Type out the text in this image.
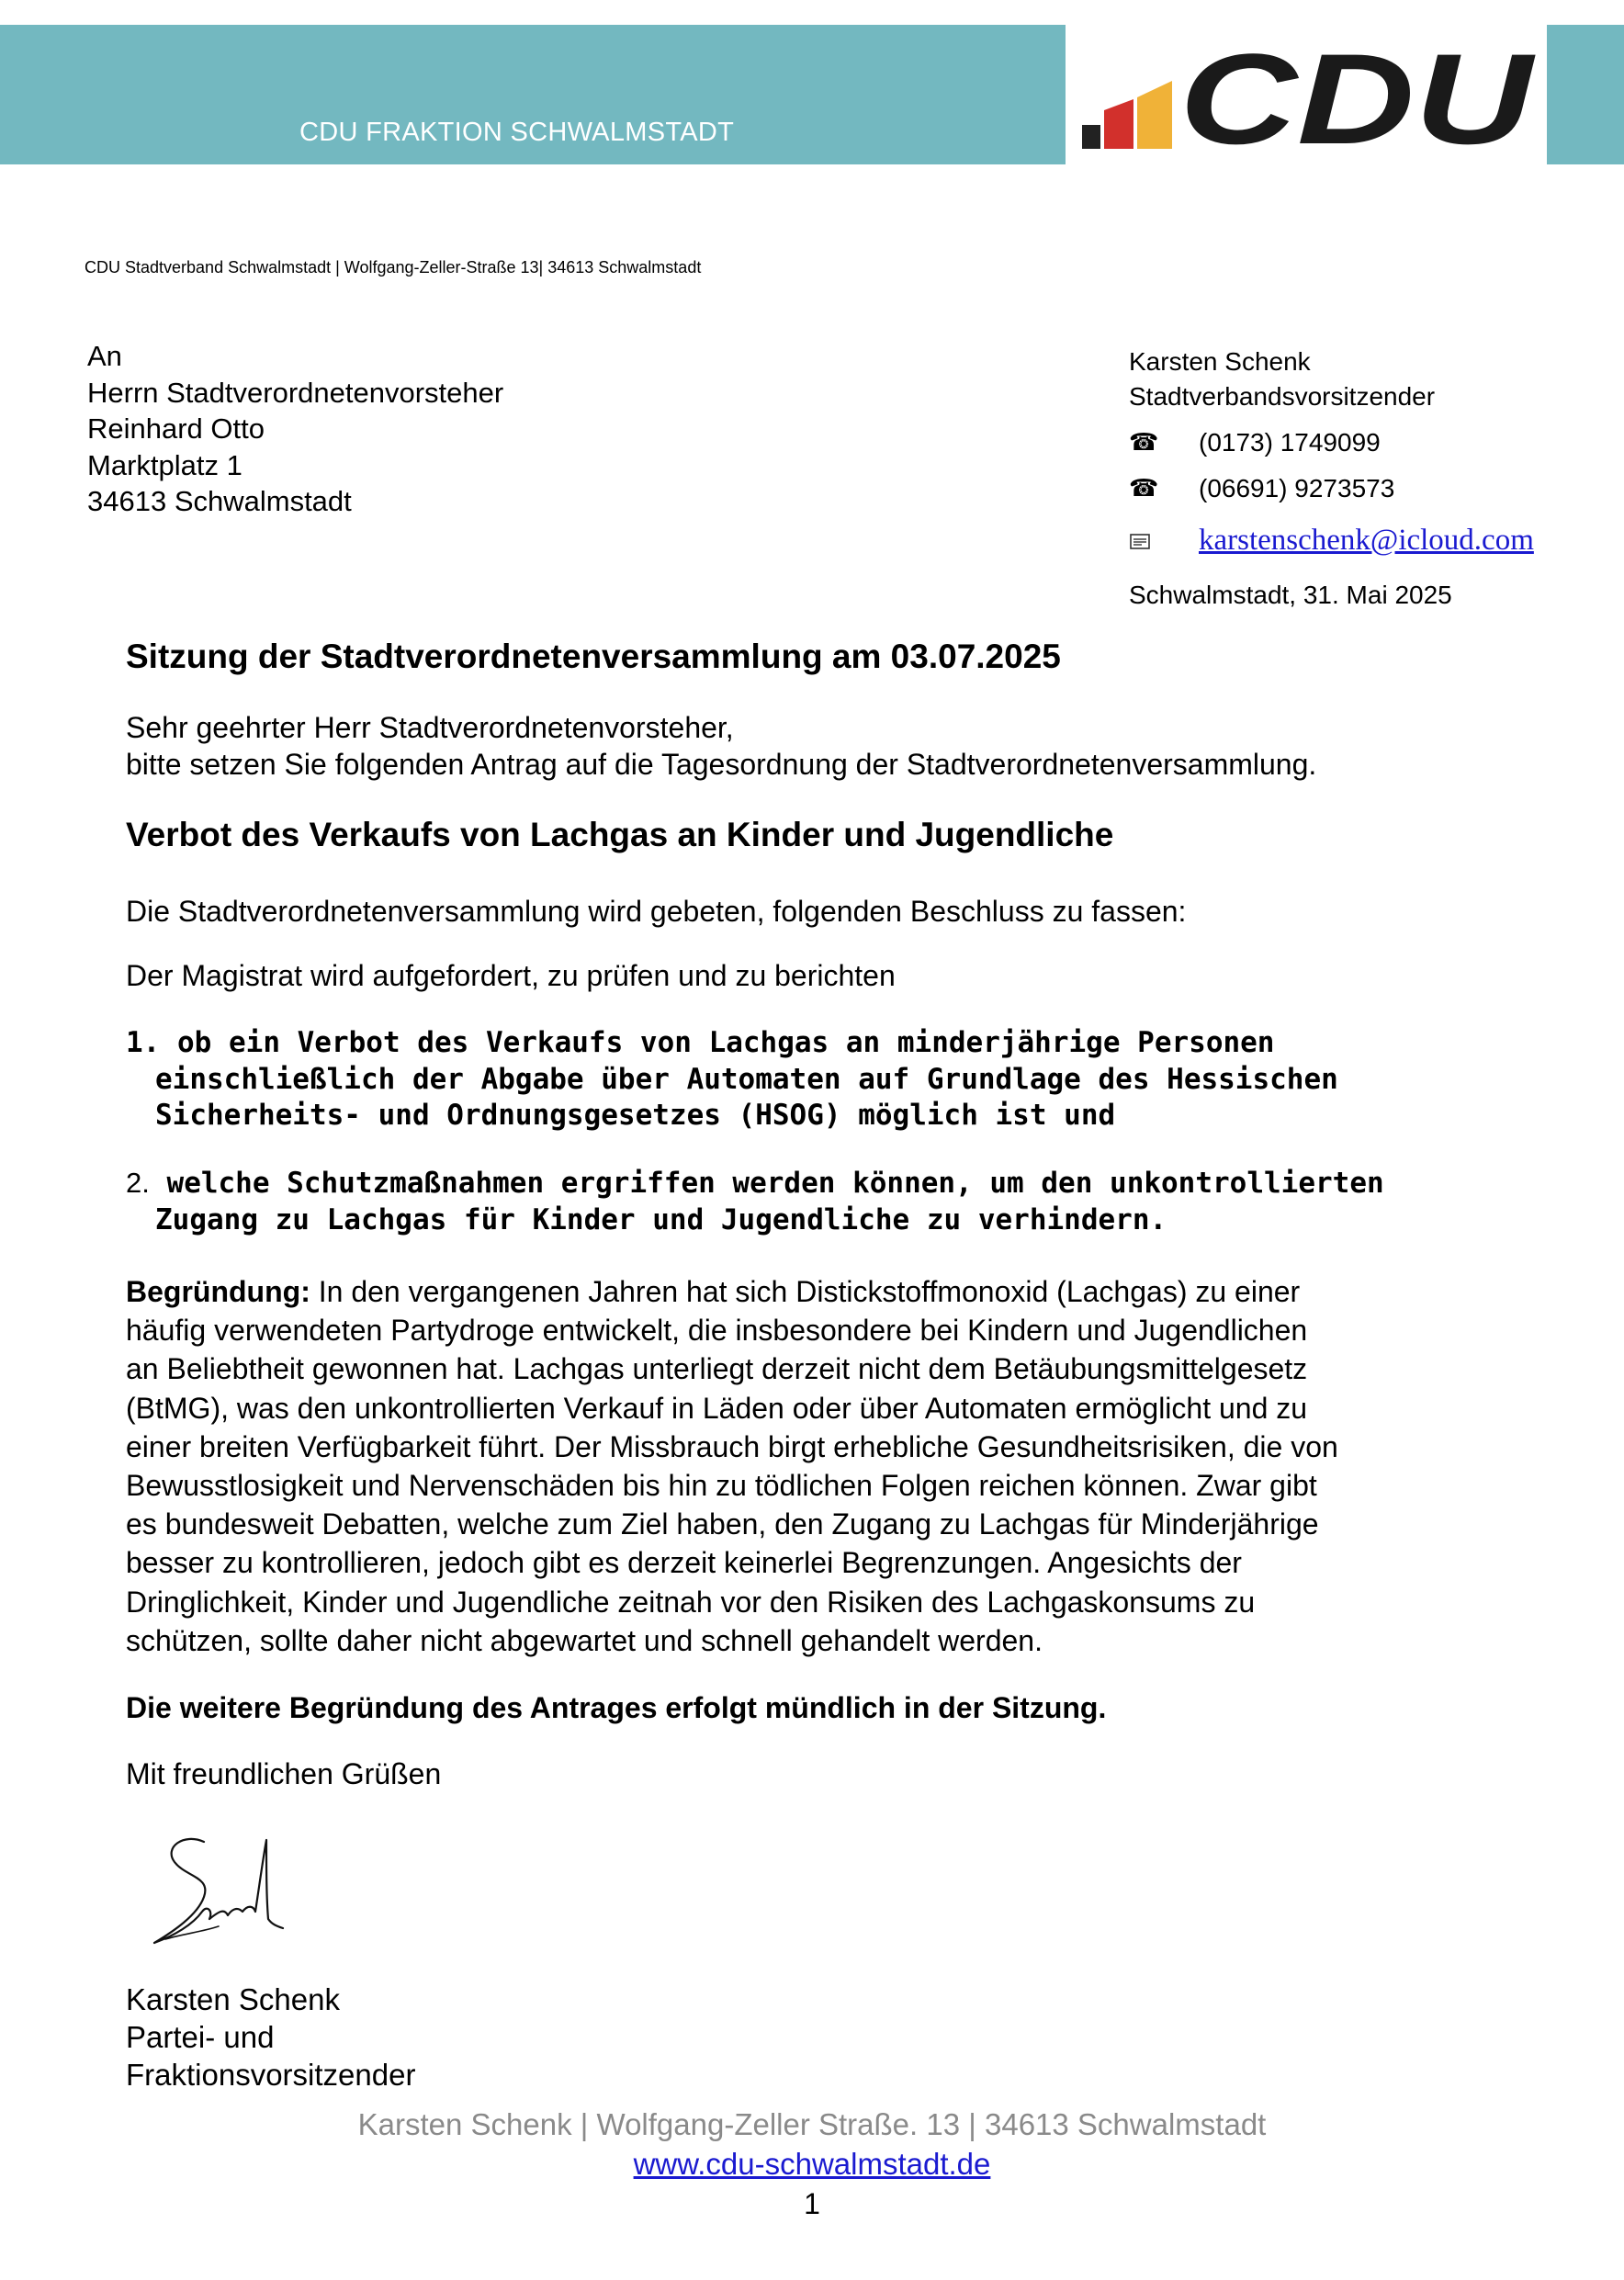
CDU FRAKTION SCHWALMSTADT	CDU
CDU Stadtverband Schwalmstadt | Wolfgang-Zeller-Straße 13| 34613 Schwalmstadt
An
Herrn Stadtverordnetenvorsteher
Reinhard Otto
Marktplatz 1
34613 Schwalmstadt
Karsten Schenk
Stadtverbandsvorsitzender
☎ (0173) 1749099
☎ (06691) 9273573
karstenschenk@icloud.com
Schwalmstadt, 31. Mai 2025
Sitzung der Stadtverordnetenversammlung am 03.07.2025
Sehr geehrter Herr Stadtverordnetenvorsteher,
bitte setzen Sie folgenden Antrag auf die Tagesordnung der Stadtverordnetenversammlung.
Verbot des Verkaufs von Lachgas an Kinder und Jugendliche
Die Stadtverordnetenversammlung wird gebeten, folgenden Beschluss zu fassen:
Der Magistrat wird aufgefordert, zu prüfen und zu berichten
1. ob ein Verbot des Verkaufs von Lachgas an minderjährige Personen
einschließlich der Abgabe über Automaten auf Grundlage des Hessischen
Sicherheits- und Ordnungsgesetzes (HSOG) möglich ist und
2. welche Schutzmaßnahmen ergriffen werden können, um den unkontrollierten
Zugang zu Lachgas für Kinder und Jugendliche zu verhindern.
Begründung: In den vergangenen Jahren hat sich Distickstoffmonoxid (Lachgas) zu einer
häufig verwendeten Partydroge entwickelt, die insbesondere bei Kindern und Jugendlichen
an Beliebtheit gewonnen hat. Lachgas unterliegt derzeit nicht dem Betäubungsmittelgesetz
(BtMG), was den unkontrollierten Verkauf in Läden oder über Automaten ermöglicht und zu
einer breiten Verfügbarkeit führt. Der Missbrauch birgt erhebliche Gesundheitsrisiken, die von
Bewusstlosigkeit und Nervenschäden bis hin zu tödlichen Folgen reichen können. Zwar gibt
es bundesweit Debatten, welche zum Ziel haben, den Zugang zu Lachgas für Minderjährige
besser zu kontrollieren, jedoch gibt es derzeit keinerlei Begrenzungen. Angesichts der
Dringlichkeit, Kinder und Jugendliche zeitnah vor den Risiken des Lachgaskonsums zu
schützen, sollte daher nicht abgewartet und schnell gehandelt werden.
Die weitere Begründung des Antrages erfolgt mündlich in der Sitzung.
Mit freundlichen Grüßen
Karsten Schenk
Partei- und
Fraktionsvorsitzender
Karsten Schenk | Wolfgang-Zeller Straße. 13 | 34613 Schwalmstadt
www.cdu-schwalmstadt.de
1
